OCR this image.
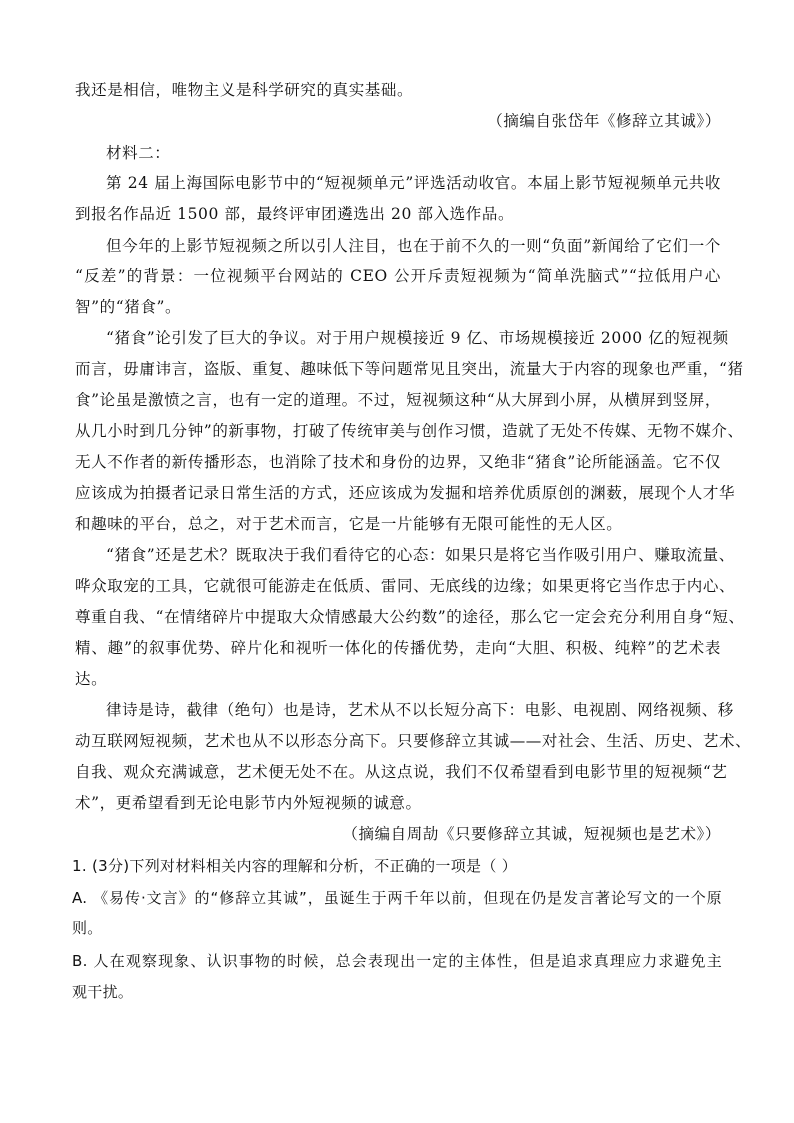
我还是相信，唯物主义是科学研究的真实基础。
（摘编自张岱年《修辞立其诚》）
材料二：
第 24 届上海国际电影节中的“短视频单元”评选活动收官。本届上影节短视频单元共收
到报名作品近 1500 部，最终评审团遴选出 20 部入选作品。
但今年的上影节短视频之所以引人注目，也在于前不久的一则“负面”新闻给了它们一个
“反差”的背景：一位视频平台网站的 CEO 公开斥责短视频为“简单洗脑式”“拉低用户心
智”的“猪食”。
“猪食”论引发了巨大的争议。对于用户规模接近 9 亿、市场规模接近 2000 亿的短视频
而言，毋庸讳言，盗版、重复、趣味低下等问题常见且突出，流量大于内容的现象也严重，“猪
食”论虽是激愤之言，也有一定的道理。不过，短视频这种“从大屏到小屏，从横屏到竖屏，
从几小时到几分钟”的新事物，打破了传统审美与创作习惯，造就了无处不传媒、无物不媒介、
无人不作者的新传播形态，也消除了技术和身份的边界，又绝非“猪食”论所能涵盖。它不仅
应该成为拍摄者记录日常生活的方式，还应该成为发掘和培养优质原创的渊薮，展现个人才华
和趣味的平台，总之，对于艺术而言，它是一片能够有无限可能性的无人区。
“猪食”还是艺术？既取决于我们看待它的心态：如果只是将它当作吸引用户、赚取流量、
哗众取宠的工具，它就很可能游走在低质、雷同、无底线的边缘；如果更将它当作忠于内心、
尊重自我、“在情绪碎片中提取大众情感最大公约数”的途径，那么它一定会充分利用自身“短、
精、趣”的叙事优势、碎片化和视听一体化的传播优势，走向“大胆、积极、纯粹”的艺术表
达。
律诗是诗，截律（绝句）也是诗，艺术从不以长短分高下：电影、电视剧、网络视频、移
动互联网短视频，艺术也从不以形态分高下。只要修辞立其诚——对社会、生活、历史、艺术、
自我、观众充满诚意，艺术便无处不在。从这点说，我们不仅希望看到电影节里的短视频“艺
术”，更希望看到无论电影节内外短视频的诚意。
（摘编自周劼《只要修辞立其诚，短视频也是艺术》）
1. (3分)下列对材料相关内容的理解和分析，不正确的一项是（ ）
A. 《易传·文言》的“修辞立其诚”，虽诞生于两千年以前，但现在仍是发言著论写文的一个原
则。
B. 人在观察现象、认识事物的时候，总会表现出一定的主体性，但是追求真理应力求避免主
观干扰。
